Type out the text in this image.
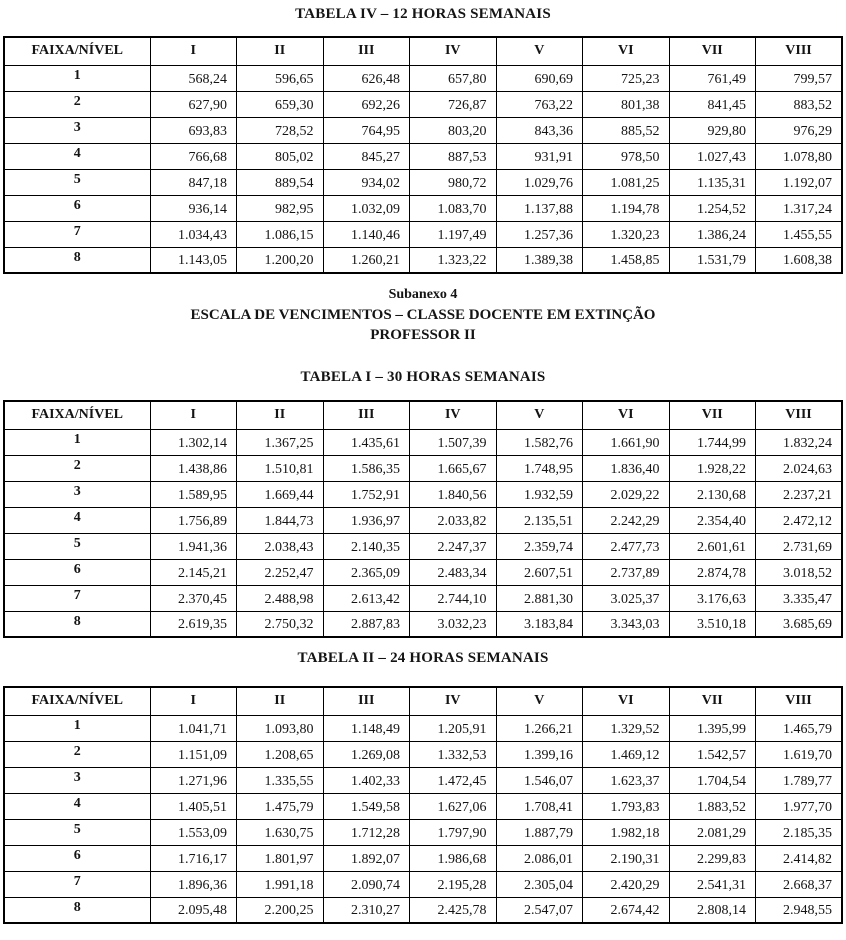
TABELA IV – 12 HORAS SEMANAIS
FAIXA/NÍVEL	I	II	III	IV	V	VI	VII	VIII
1	568,24	596,65	626,48	657,80	690,69	725,23	761,49	799,57
2	627,90	659,30	692,26	726,87	763,22	801,38	841,45	883,52
3	693,83	728,52	764,95	803,20	843,36	885,52	929,80	976,29
4	766,68	805,02	845,27	887,53	931,91	978,50	1.027,43	1.078,80
5	847,18	889,54	934,02	980,72	1.029,76	1.081,25	1.135,31	1.192,07
6	936,14	982,95	1.032,09	1.083,70	1.137,88	1.194,78	1.254,52	1.317,24
7	1.034,43	1.086,15	1.140,46	1.197,49	1.257,36	1.320,23	1.386,24	1.455,55
8	1.143,05	1.200,20	1.260,21	1.323,22	1.389,38	1.458,85	1.531,79	1.608,38
Subanexo 4
ESCALA DE VENCIMENTOS – CLASSE DOCENTE EM EXTINÇÃO
PROFESSOR II
TABELA I – 30 HORAS SEMANAIS
FAIXA/NÍVEL	I	II	III	IV	V	VI	VII	VIII
1	1.302,14	1.367,25	1.435,61	1.507,39	1.582,76	1.661,90	1.744,99	1.832,24
2	1.438,86	1.510,81	1.586,35	1.665,67	1.748,95	1.836,40	1.928,22	2.024,63
3	1.589,95	1.669,44	1.752,91	1.840,56	1.932,59	2.029,22	2.130,68	2.237,21
4	1.756,89	1.844,73	1.936,97	2.033,82	2.135,51	2.242,29	2.354,40	2.472,12
5	1.941,36	2.038,43	2.140,35	2.247,37	2.359,74	2.477,73	2.601,61	2.731,69
6	2.145,21	2.252,47	2.365,09	2.483,34	2.607,51	2.737,89	2.874,78	3.018,52
7	2.370,45	2.488,98	2.613,42	2.744,10	2.881,30	3.025,37	3.176,63	3.335,47
8	2.619,35	2.750,32	2.887,83	3.032,23	3.183,84	3.343,03	3.510,18	3.685,69
TABELA II – 24 HORAS SEMANAIS
FAIXA/NÍVEL	I	II	III	IV	V	VI	VII	VIII
1	1.041,71	1.093,80	1.148,49	1.205,91	1.266,21	1.329,52	1.395,99	1.465,79
2	1.151,09	1.208,65	1.269,08	1.332,53	1.399,16	1.469,12	1.542,57	1.619,70
3	1.271,96	1.335,55	1.402,33	1.472,45	1.546,07	1.623,37	1.704,54	1.789,77
4	1.405,51	1.475,79	1.549,58	1.627,06	1.708,41	1.793,83	1.883,52	1.977,70
5	1.553,09	1.630,75	1.712,28	1.797,90	1.887,79	1.982,18	2.081,29	2.185,35
6	1.716,17	1.801,97	1.892,07	1.986,68	2.086,01	2.190,31	2.299,83	2.414,82
7	1.896,36	1.991,18	2.090,74	2.195,28	2.305,04	2.420,29	2.541,31	2.668,37
8	2.095,48	2.200,25	2.310,27	2.425,78	2.547,07	2.674,42	2.808,14	2.948,55
